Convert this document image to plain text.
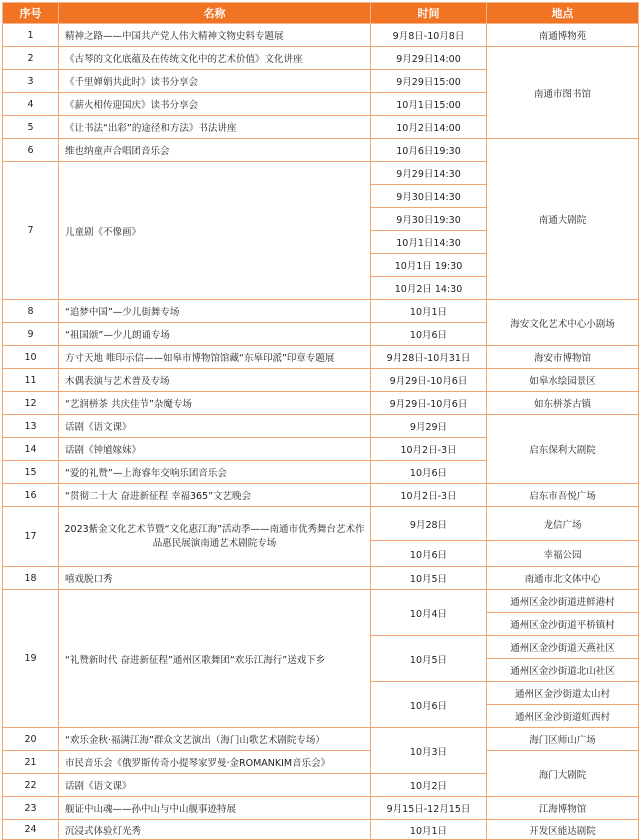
序号	名称	时间	地点
1	精神之路——中国共产党人伟大精神文物史料专题展	9月8日-10月8日	南通博物苑
2	《古琴的文化底蕴及在传统文化中的艺术价值》文化讲座	9月29日14:00	南通市图书馆
3	《千里婵娟共此时》读书分享会	9月29日15:00	
4	《薪火相传迎国庆》读书分享会	10月1日15:00	
5	《让书法“出彩”的途径和方法》书法讲座	10月2日14:00	
6	维也纳童声合唱团音乐会	10月6日19:30	南通大剧院
7	儿童剧《不像画》	9月29日14:30	
		9月30日14:30	
		9月30日19:30	
		10月1日14:30	
		10月1日 19:30	
		10月2日 14:30	
8	“追梦中国”—少儿街舞专场	10月1日	海安文化艺术中心小剧场
9	“祖国颂”—少儿朗诵专场	10月6日	
10	方寸天地 唯印示信——如皋市博物馆馆藏“东皋印派”印章专题展	9月28日-10月31日	海安市博物馆
11	木偶表演与艺术普及专场	9月29日-10月6日	如皋水绘园景区
12	“艺润栟茶 共庆佳节”杂魔专场	9月29日-10月6日	如东栟茶古镇
13	话剧《语文课》	9月29日	启东保利大剧院
14	话剧《钟馗嫁妹》	10月2日-3日	
15	“爱的礼赞”—上海睿年交响乐团音乐会	10月6日	
16	“贯彻二十大 奋进新征程 幸福365”文艺晚会	10月2日-3日	启东市吾悦广场
17	2023紫金文化艺术节暨“文化惠江海”活动季——南通市优秀舞台艺术作品惠民展演南通艺术剧院专场	9月28日	龙信广场
		10月6日	幸福公园
18	嘻戏脱口秀	10月5日	南通市北文体中心
19	“礼赞新时代 奋进新征程”通州区歌舞团“欢乐江海行”送戏下乡	10月4日	通州区金沙街道进鲜港村
			通州区金沙街道平桥镇村
		10月5日	通州区金沙街道天燕社区
			通州区金沙街道北山社区
		10月6日	通州区金沙街道太山村
			通州区金沙街道虹西村
20	“欢乐金秋·福满江海”群众文艺演出（海门山歌艺术剧院专场）	10月3日	海门区师山广场
21	市民音乐会《俄罗斯传奇小提琴家罗曼·金ROMANKIM音乐会》		海门大剧院
22	话剧《语文课》	10月2日	
23	舰证中山魂——孙中山与中山舰事迹特展	9月15日-12月15日	江海博物馆
24	沉浸式体验灯光秀	10月1日	开发区能达剧院
